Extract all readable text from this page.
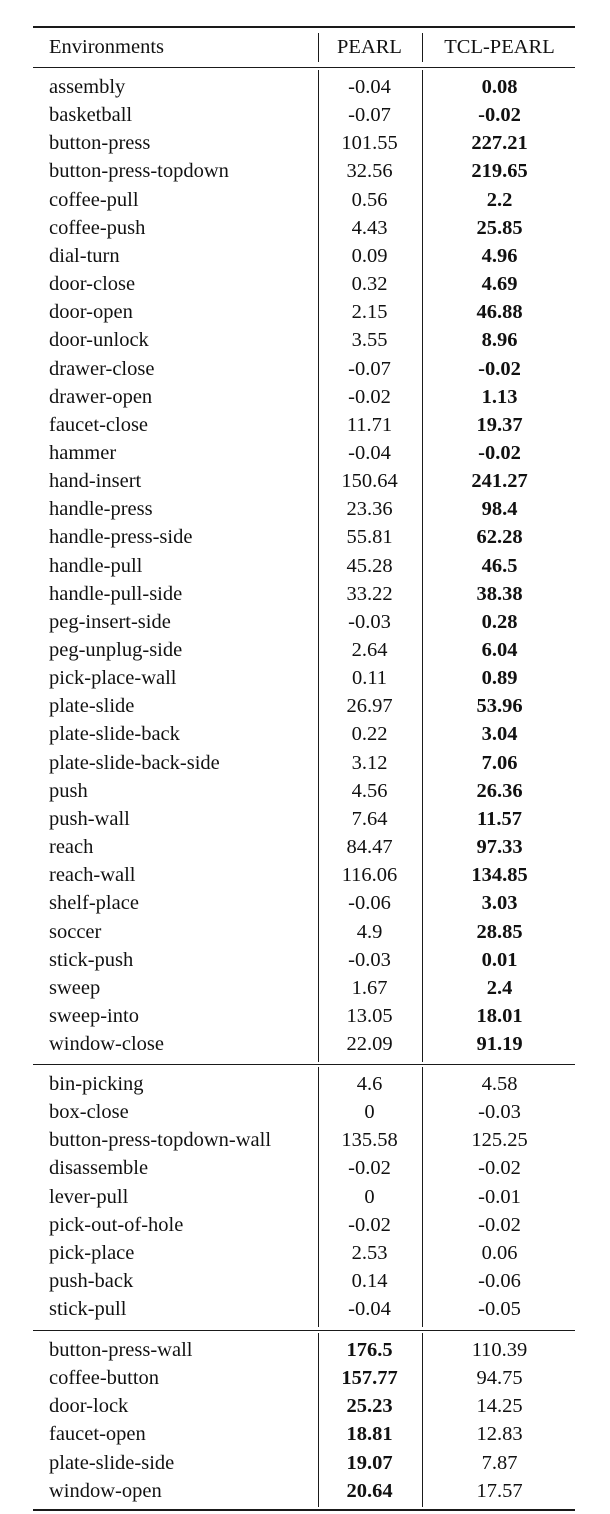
Environments	PEARL	TCL-PEARL
assembly	-0.04	0.08
basketball	-0.07	-0.02
button-press	101.55	227.21
button-press-topdown	32.56	219.65
coffee-pull	0.56	2.2
coffee-push	4.43	25.85
dial-turn	0.09	4.96
door-close	0.32	4.69
door-open	2.15	46.88
door-unlock	3.55	8.96
drawer-close	-0.07	-0.02
drawer-open	-0.02	1.13
faucet-close	11.71	19.37
hammer	-0.04	-0.02
hand-insert	150.64	241.27
handle-press	23.36	98.4
handle-press-side	55.81	62.28
handle-pull	45.28	46.5
handle-pull-side	33.22	38.38
peg-insert-side	-0.03	0.28
peg-unplug-side	2.64	6.04
pick-place-wall	0.11	0.89
plate-slide	26.97	53.96
plate-slide-back	0.22	3.04
plate-slide-back-side	3.12	7.06
push	4.56	26.36
push-wall	7.64	11.57
reach	84.47	97.33
reach-wall	116.06	134.85
shelf-place	-0.06	3.03
soccer	4.9	28.85
stick-push	-0.03	0.01
sweep	1.67	2.4
sweep-into	13.05	18.01
window-close	22.09	91.19
bin-picking	4.6	4.58
box-close	0	-0.03
button-press-topdown-wall	135.58	125.25
disassemble	-0.02	-0.02
lever-pull	0	-0.01
pick-out-of-hole	-0.02	-0.02
pick-place	2.53	0.06
push-back	0.14	-0.06
stick-pull	-0.04	-0.05
button-press-wall	176.5	110.39
coffee-button	157.77	94.75
door-lock	25.23	14.25
faucet-open	18.81	12.83
plate-slide-side	19.07	7.87
window-open	20.64	17.57
